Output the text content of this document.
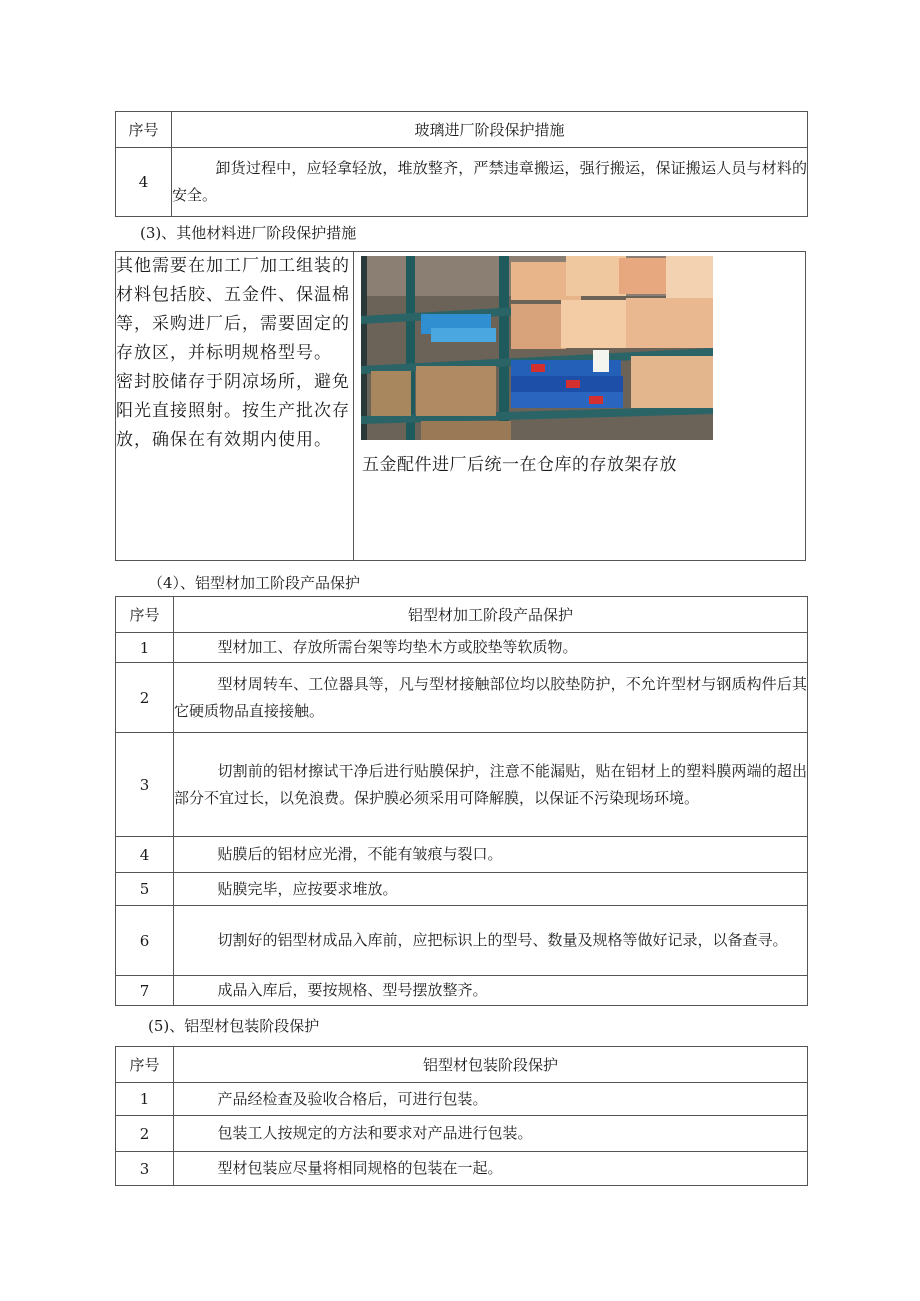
序号	玻璃进厂阶段保护措施
4	卸货过程中，应轻拿轻放，堆放整齐，严禁违章搬运，强行搬运，保证搬运人员与材料的安全。
(3)、其他材料进厂阶段保护措施
其他需要在加工厂加工组装的材料包括胶、五金件、保温棉等，采购进厂后，需要固定的存放区，并标明规格型号。
密封胶储存于阴凉场所，避免阳光直接照射。按生产批次存放，确保在有效期内使用。

五金配件进厂后统一在仓库的存放架存放
（4）、铝型材加工阶段产品保护
序号	铝型材加工阶段产品保护
1	型材加工、存放所需台架等均垫木方或胶垫等软质物。

2	型材周转车、工位器具等，凡与型材接触部位均以胶垫防护，不允许型材与钢质构件后其它硬质物品直接接触。

3	切割前的铝材擦试干净后进行贴膜保护，注意不能漏贴，贴在铝材上的塑料膜两端的超出部分不宜过长，以免浪费。保护膜必须采用可降解膜，以保证不污染现场环境。

4	贴膜后的铝材应光滑，不能有皱痕与裂口。

5	贴膜完毕，应按要求堆放。

6	切割好的铝型材成品入库前，应把标识上的型号、数量及规格等做好记录，以备查寻。

7	成品入库后，要按规格、型号摆放整齐。
(5)、铝型材包装阶段保护
序号	铝型材包装阶段保护
1	产品经检查及验收合格后，可进行包装。

2	包装工人按规定的方法和要求对产品进行包装。

3	型材包装应尽量将相同规格的包装在一起。
